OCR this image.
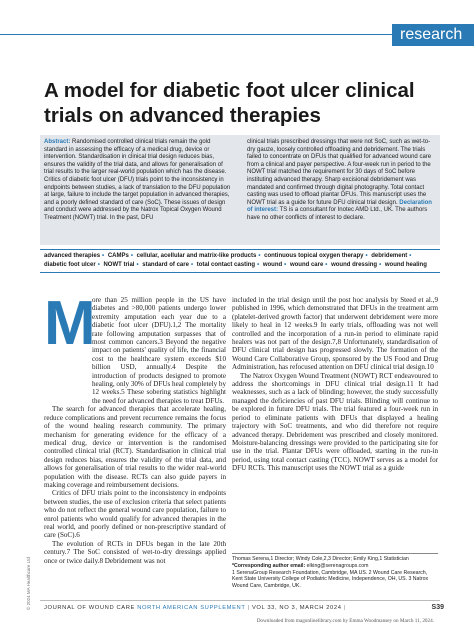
research
A model for diabetic foot ulcer clinical trials on advanced therapies
Abstract: Randomised controlled clinical trials remain the gold standard in assessing the efficacy of a medical drug, device or intervention. Standardisation in clinical trial design reduces bias, ensures the validity of the trial data, and allows for generalisation of trial results to the larger real-world population which has the disease. Critics of diabetic foot ulcer (DFU) trials point to the inconsistency in endpoints between studies, a lack of translation to the DFU population at large, failure to include the target population in advanced therapies, and a poorly defined standard of care (SoC). These issues of design and conduct were addressed by the Natrox Topical Oxygen Wound Treatment (NOWT) trial. In the past, DFU
clinical trials prescribed dressings that were not SoC, such as wet-to-dry gauze, loosely controlled offloading and debridement. The trials failed to concentrate on DFUs that qualified for advanced wound care from a clinical and payer perspective. A four-week run in period to the NOWT trial matched the requirement for 30 days of SoC before instituting advanced therapy. Sharp excisional debridement was mandated and confirmed through digital photography. Total contact casting was used to offload plantar DFUs. This manuscript uses the NOWT trial as a guide for future DFU clinical trial design. Declaration of interest: TS is a consultant for Inotec AMD Ltd., UK. The authors have no other conflicts of interest to declare.
advanced therapies • CAMPs • cellular, acellular and matrix-like products • continuous topical oxygen therapy • debridement • diabetic foot ulcer • NOWT trial • standard of care • total contact casting • wound • wound care • wound dressing • wound healing
M

ore than 25 million people in the US have diabetes and >80,000 patients undergo lower extremity amputation each year due to a diabetic foot ulcer (DFU).1,2 The mortality rate following amputation surpasses that of most common cancers.3 Beyond the negative impact on patients' quality of life, the financial cost to the healthcare system exceeds $10 billion USD, annually.4 Despite the introduction of products designed to promote healing, only 30% of DFUs heal completely by 12 weeks.5 These sobering statistics highlight the need for advanced therapies to treat DFUs.

The search for advanced therapies that accelerate healing, reduce complications and prevent recurrence remains the focus of the wound healing research community. The primary mechanism for generating evidence for the efficacy of a medical drug, device or intervention is the randomised controlled clinical trial (RCT). Standardisation in clinical trial design reduces bias, ensures the validity of the trial data, and allows for generalisation of trial results to the wider real-world population with the disease. RCTs can also guide payers in making coverage and reimbursement decisions.

Critics of DFU trials point to the inconsistency in endpoints between studies, the use of exclusion criteria that select patients who do not reflect the general wound care population, failure to enrol patients who would qualify for advanced therapies in the real world, and poorly defined or non-prescriptive standard of care (SoC).6

The evolution of RCTs in DFUs began in the late 20th century.7 The SoC consisted of wet-to-dry dressings applied once or twice daily.8 Debridement was not

included in the trial design until the post hoc analysis by Steed et al.,9 published in 1996, which demonstrated that DFUs in the treatment arm (platelet-derived growth factor) that underwent debridement were more likely to heal in 12 weeks.9 In early trials, offloading was not well controlled and the incorporation of a run-in period to eliminate rapid healers was not part of the design.7,8 Unfortunately, standardisation of DFU clinical trial design has progressed slowly. The formation of the Wound Care Collaborative Group, sponsored by the US Food and Drug Administration, has refocused attention on DFU clinical trial design.10

The Natrox Oxygen Wound Treatment (NOWT) RCT endeavoured to address the shortcomings in DFU clinical trial design.11 It had weaknesses, such as a lack of blinding; however, the study successfully managed the deficiencies of past DFU trials. Blinding will continue to be explored in future DFU trials. The trial featured a four-week run in period to eliminate patients with DFUs that displayed a healing trajectory with SoC treatments, and who did therefore not require advanced therapy. Debridement was prescribed and closely monitored. Moisture-balancing dressings were provided to the participating site for use in the trial. Plantar DFUs were offloaded, starting in the run-in period, using total contact casting (TCC). NOWT serves as a model for DFU RCTs. This manuscript uses the NOWT trial as a guide

© 2024 MA Healthcare Ltd	Thomas Serena,1 Director; Windy Cole,2,3 Director; Emily King,1 Statistician
*Corresponding author email: elking@serenagroups.com
1 SerenaGroup Research Foundation, Cambridge, MA US. 2 Wound Care Research, Kent State University College of Podiatric Medicine, Independence, OH, US. 3 Natrox Wound Care, Cambridge, UK.
JOURNAL OF WOUND CARE NORTH AMERICAN SUPPLEMENT | VOL 33, NO 3, MARCH 2024 |	S39
Downloaded from magonlinelibrary.com by Emma Woodmansey on March 11, 2024.
